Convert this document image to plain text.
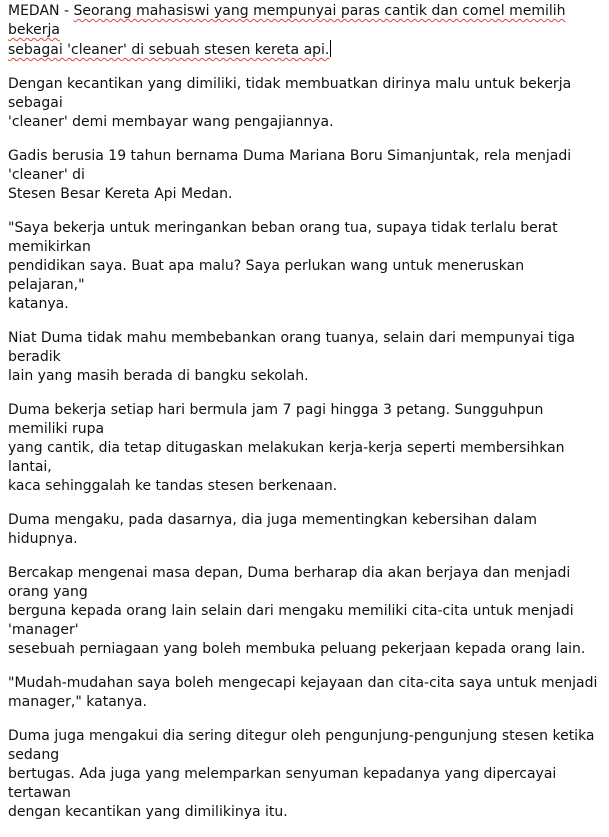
MEDAN - Seorang mahasiswi yang mempunyai paras cantik dan comel memilih bekerja
sebagai 'cleaner' di sebuah stesen kereta api.

Dengan kecantikan yang dimiliki, tidak membuatkan dirinya malu untuk bekerja sebagai
'cleaner' demi membayar wang pengajiannya.

Gadis berusia 19 tahun bernama Duma Mariana Boru Simanjuntak, rela menjadi 'cleaner' di
Stesen Besar Kereta Api Medan.

"Saya bekerja untuk meringankan beban orang tua, supaya tidak terlalu berat memikirkan
pendidikan saya. Buat apa malu? Saya perlukan wang untuk meneruskan pelajaran,"
katanya.

Niat Duma tidak mahu membebankan orang tuanya, selain dari mempunyai tiga beradik
lain yang masih berada di bangku sekolah.

Duma bekerja setiap hari bermula jam 7 pagi hingga 3 petang. Sungguhpun memiliki rupa
yang cantik, dia tetap ditugaskan melakukan kerja-kerja seperti membersihkan lantai,
kaca sehinggalah ke tandas stesen berkenaan.

Duma mengaku, pada dasarnya, dia juga mementingkan kebersihan dalam hidupnya.

Bercakap mengenai masa depan, Duma berharap dia akan berjaya dan menjadi orang yang
berguna kepada orang lain selain dari mengaku memiliki cita-cita untuk menjadi 'manager'
sesebuah perniagaan yang boleh membuka peluang pekerjaan kepada orang lain.

"Mudah-mudahan saya boleh mengecapi kejayaan dan cita-cita saya untuk menjadi
manager," katanya.

Duma juga mengakui dia sering ditegur oleh pengunjung-pengunjung stesen ketika sedang
bertugas. Ada juga yang melemparkan senyuman kepadanya yang dipercayai tertawan
dengan kecantikan yang dimilikinya itu.
